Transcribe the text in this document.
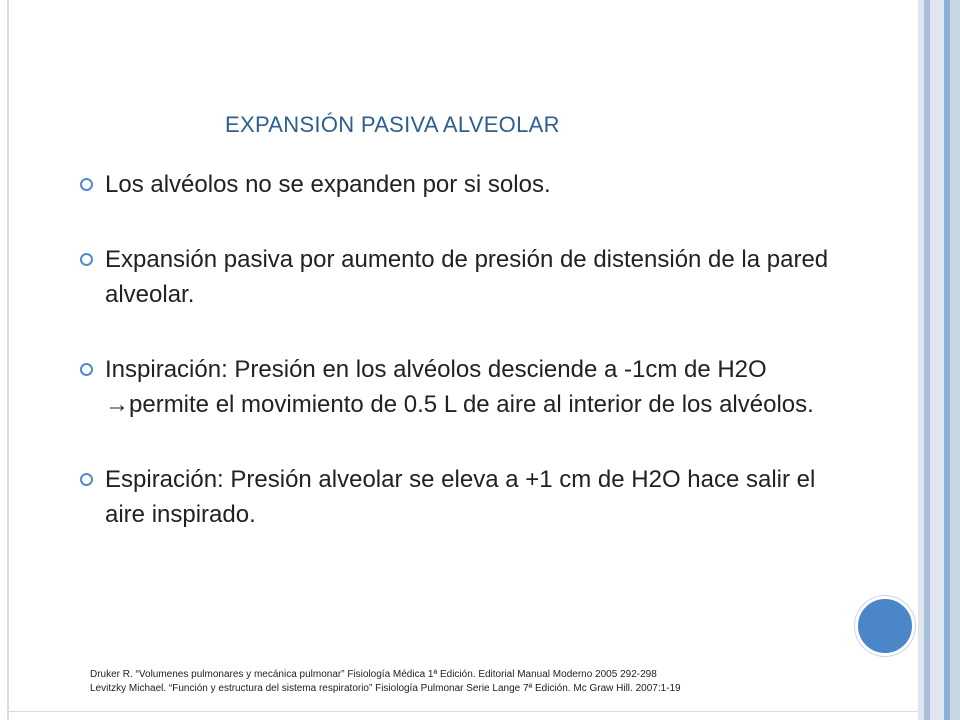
EXPANSIÓN PASIVA ALVEOLAR
Los alvéolos no se expanden por si solos.
Expansión pasiva por aumento de presión de distensión de la pared alveolar.
Inspiración: Presión en los alvéolos desciende a -1cm de H2O →permite el movimiento de 0.5 L de aire al interior de los alvéolos.
Espiración: Presión alveolar se eleva a +1 cm de H2O hace salir el aire inspirado.
Druker R. “Volumenes pulmonares y mecánica pulmonar” Fisiología Médica 1ª Edición. Editorial Manual Moderno 2005 292-298
Levitzky Michael. “Función y estructura del sistema respiratorio” Fisiología Pulmonar Serie Lange 7ª Edición. Mc Graw Hill. 2007:1-19
